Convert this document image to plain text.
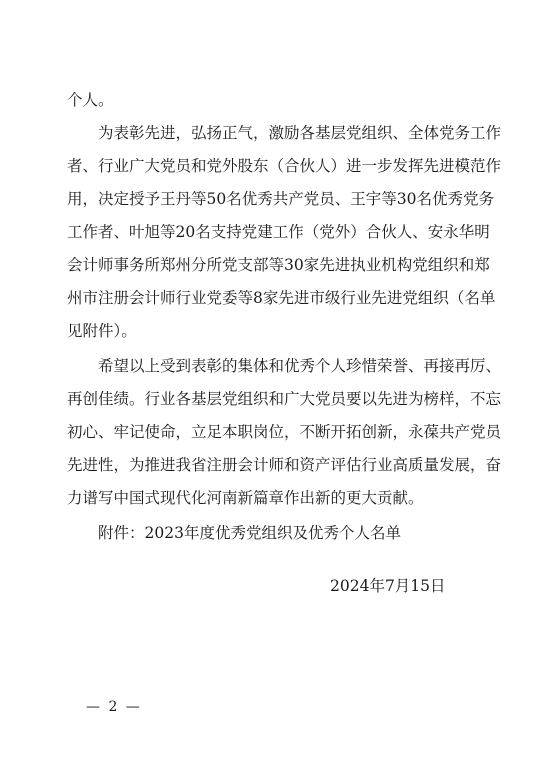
个人。
为表彰先进，弘扬正气，激励各基层党组织、全体党务工作
者、行业广大党员和党外股东（合伙人）进一步发挥先进模范作
用，决定授予王丹等50名优秀共产党员、王宇等30名优秀党务
工作者、叶旭等20名支持党建工作（党外）合伙人、安永华明
会计师事务所郑州分所党支部等30家先进执业机构党组织和郑
州市注册会计师行业党委等8家先进市级行业先进党组织（名单
见附件）。
希望以上受到表彰的集体和优秀个人珍惜荣誉、再接再厉、
再创佳绩。行业各基层党组织和广大党员要以先进为榜样，不忘
初心、牢记使命，立足本职岗位，不断开拓创新，永葆共产党员
先进性，为推进我省注册会计师和资产评估行业高质量发展，奋
力谱写中国式现代化河南新篇章作出新的更大贡献。
附件：2023年度优秀党组织及优秀个人名单
2024年7月15日
— 2 —
